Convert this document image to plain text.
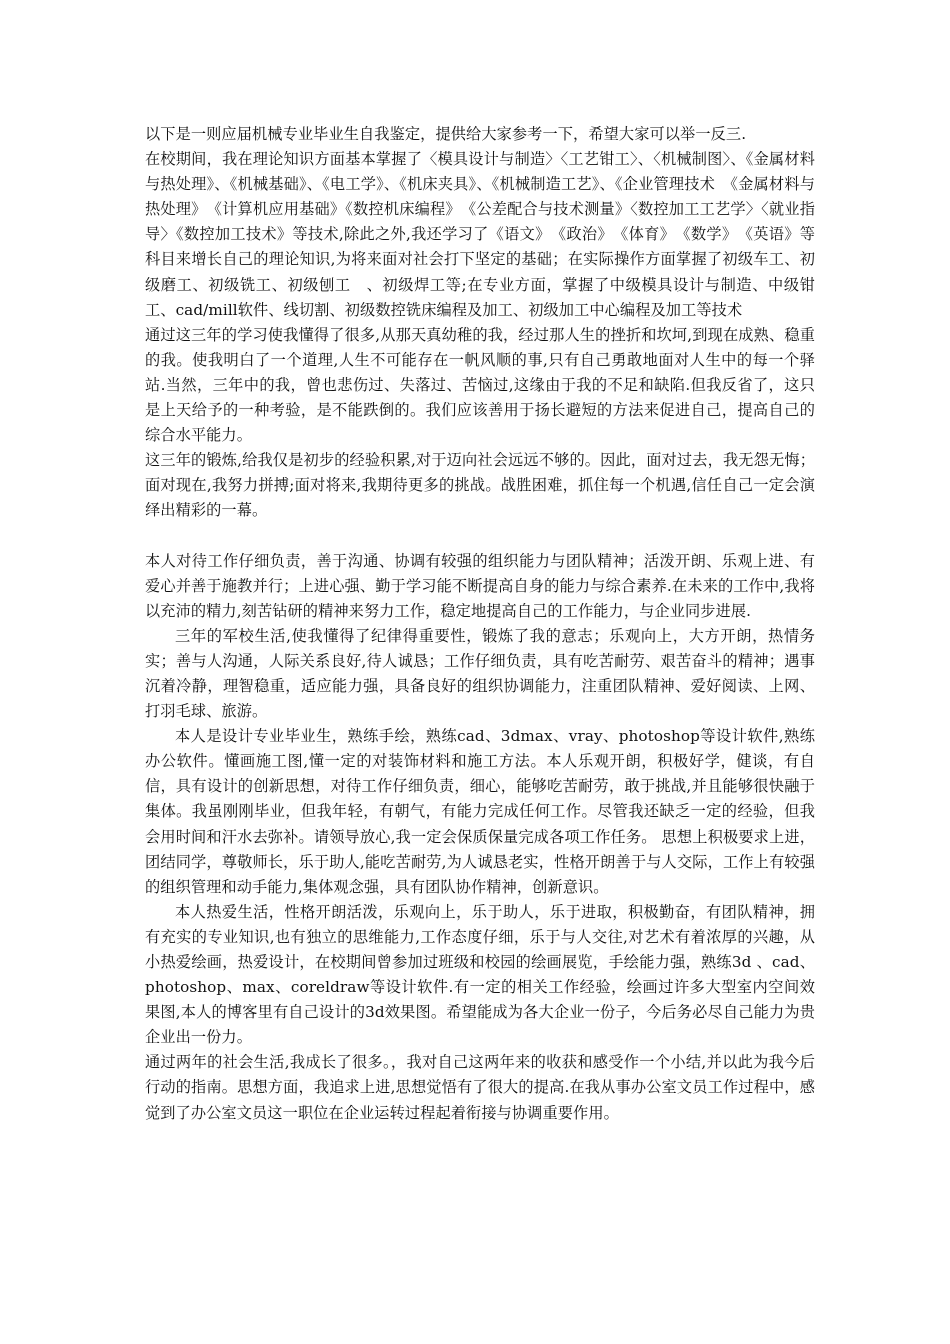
以下是一则应届机械专业毕业生自我鉴定，提供给大家参考一下，希望大家可以举一反三.

在校期间，我在理论知识方面基本掌握了〈模具设计与制造〉〈工艺钳工〉、〈机械制图〉、《金属材料与热处理》、《机械基础》、《电工学》、《机床夹具》、《机械制造工艺》、《企业管理技术　《金属材料与热处理》　《计算机应用基础》《数控机床编程》　《公差配合与技术测量》〈数控加工工艺学〉〈就业指导〉《数控加工技术》等技术,除此之外,我还学习了《语文》　《政治》　《体育》　《数学》　《英语》等科目来增长自己的理论知识,为将来面对社会打下坚定的基础；在实际操作方面掌握了初级车工、初级磨工、初级铣工、初级刨工　、初级焊工等;在专业方面，掌握了中级模具设计与制造、中级钳工、cad/mill软件、线切割、初级数控铣床编程及加工、初级加工中心编程及加工等技术

通过这三年的学习使我懂得了很多,从那天真幼稚的我，经过那人生的挫折和坎坷,到现在成熟、稳重的我。使我明白了一个道理,人生不可能存在一帆风顺的事,只有自己勇敢地面对人生中的每一个驿站.当然，三年中的我，曾也悲伤过、失落过、苦恼过,这缘由于我的不足和缺陷.但我反省了，这只是上天给予的一种考验，是不能跌倒的。我们应该善用于扬长避短的方法来促进自己，提高自己的综合水平能力。

这三年的锻炼,给我仅是初步的经验积累,对于迈向社会远远不够的。因此，面对过去，我无怨无悔；面对现在,我努力拼搏;面对将来,我期待更多的挑战。战胜困难，抓住每一个机遇,信任自己一定会演绎出精彩的一幕。

本人对待工作仔细负责，善于沟通、协调有较强的组织能力与团队精神；活泼开朗、乐观上进、有爱心并善于施教并行；上进心强、勤于学习能不断提高自身的能力与综合素养.在未来的工作中,我将以充沛的精力,刻苦钻研的精神来努力工作，稳定地提高自己的工作能力，与企业同步进展.

三年的军校生活,使我懂得了纪律得重要性，锻炼了我的意志；乐观向上，大方开朗，热情务实；善与人沟通，人际关系良好,待人诚恳；工作仔细负责，具有吃苦耐劳、艰苦奋斗的精神；遇事沉着冷静，理智稳重，适应能力强，具备良好的组织协调能力，注重团队精神、爱好阅读、上网、打羽毛球、旅游。

本人是设计专业毕业生，熟练手绘，熟练cad、3dmax、vray、photoshop等设计软件,熟练办公软件。懂画施工图,懂一定的对装饰材料和施工方法。本人乐观开朗，积极好学，健谈，有自信，具有设计的创新思想，对待工作仔细负责，细心，能够吃苦耐劳，敢于挑战,并且能够很快融于集体。我虽刚刚毕业，但我年轻，有朝气，有能力完成任何工作。尽管我还缺乏一定的经验，但我会用时间和汗水去弥补。请领导放心,我一定会保质保量完成各项工作任务。 思想上积极要求上进，团结同学，尊敬师长，乐于助人,能吃苦耐劳,为人诚恳老实，性格开朗善于与人交际，工作上有较强的组织管理和动手能力,集体观念强，具有团队协作精神，创新意识。

本人热爱生活，性格开朗活泼，乐观向上，乐于助人，乐于进取，积极勤奋，有团队精神，拥有充实的专业知识,也有独立的思维能力,工作态度仔细，乐于与人交往,对艺术有着浓厚的兴趣，从小热爱绘画，热爱设计，在校期间曾参加过班级和校园的绘画展览，手绘能力强，熟练3d 、cad、photoshop、max、coreldraw等设计软件.有一定的相关工作经验，绘画过许多大型室内空间效果图,本人的博客里有自己设计的3d效果图。希望能成为各大企业一份子，今后务必尽自己能力为贵企业出一份力。

通过两年的社会生活,我成长了很多。，我对自己这两年来的收获和感受作一个小结,并以此为我今后行动的指南。思想方面，我追求上进,思想觉悟有了很大的提高.在我从事办公室文员工作过程中，感觉到了办公室文员这一职位在企业运转过程起着衔接与协调重要作用。
